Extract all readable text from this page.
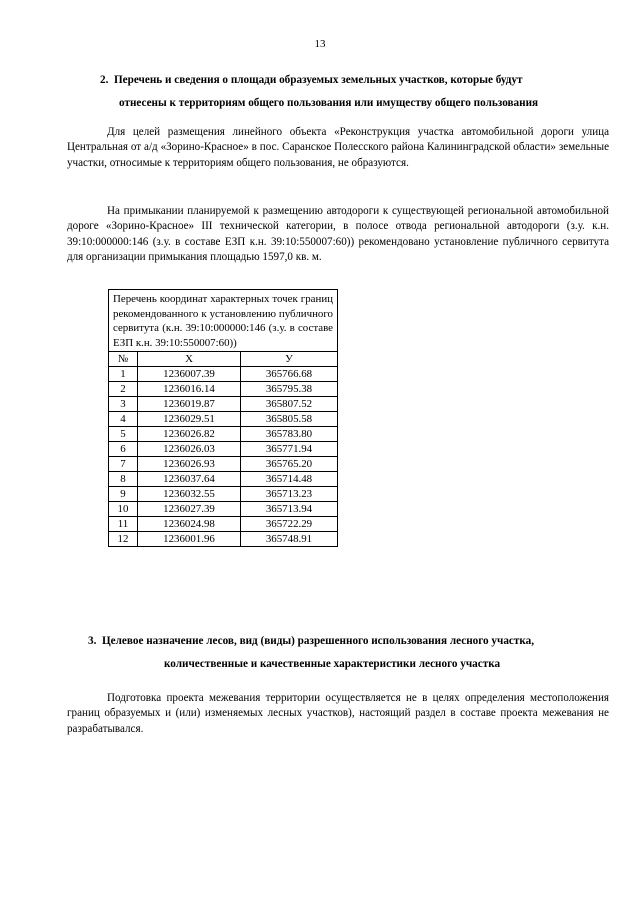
13
2. Перечень и сведения о площади образуемых земельных участков, которые будут
отнесены к территориям общего пользования или имуществу общего пользования

Для целей размещения линейного объекта «Реконструкция участка автомобильной дороги улица Центральная от а/д «Зорино-Красное» в пос. Саранское Полесского района Калининградской области» земельные участки, относимые к территориям общего пользования, не образуются.

На примыкании планируемой к размещению автодороги к существующей региональной автомобильной дороге «Зорино-Красное» III технической категории, в полосе отвода региональной автодороги (з.у. к.н. 39:10:000000:146 (з.у. в составе ЕЗП к.н. 39:10:550007:60)) рекомендовано установление публичного сервитута для организации примыкания площадью 1597,0 кв. м.

Перечень координат характерных точек границ рекомендованного к установлению публичного сервитута (к.н. 39:10:000000:146 (з.у. в составе ЕЗП к.н. 39:10:550007:60))		
№	Х	У
1	1236007.39	365766.68
2	1236016.14	365795.38
3	1236019.87	365807.52
4	1236029.51	365805.58
5	1236026.82	365783.80
6	1236026.03	365771.94
7	1236026.93	365765.20
8	1236037.64	365714.48
9	1236032.55	365713.23
10	1236027.39	365713.94
11	1236024.98	365722.29
12	1236001.96	365748.91
3. Целевое назначение лесов, вид (виды) разрешенного использования лесного участка,
количественные и качественные характеристики лесного участка

Подготовка проекта межевания территории осуществляется не в целях определения местоположения границ образуемых и (или) изменяемых лесных участков), настоящий раздел в составе проекта межевания не разрабатывался.
